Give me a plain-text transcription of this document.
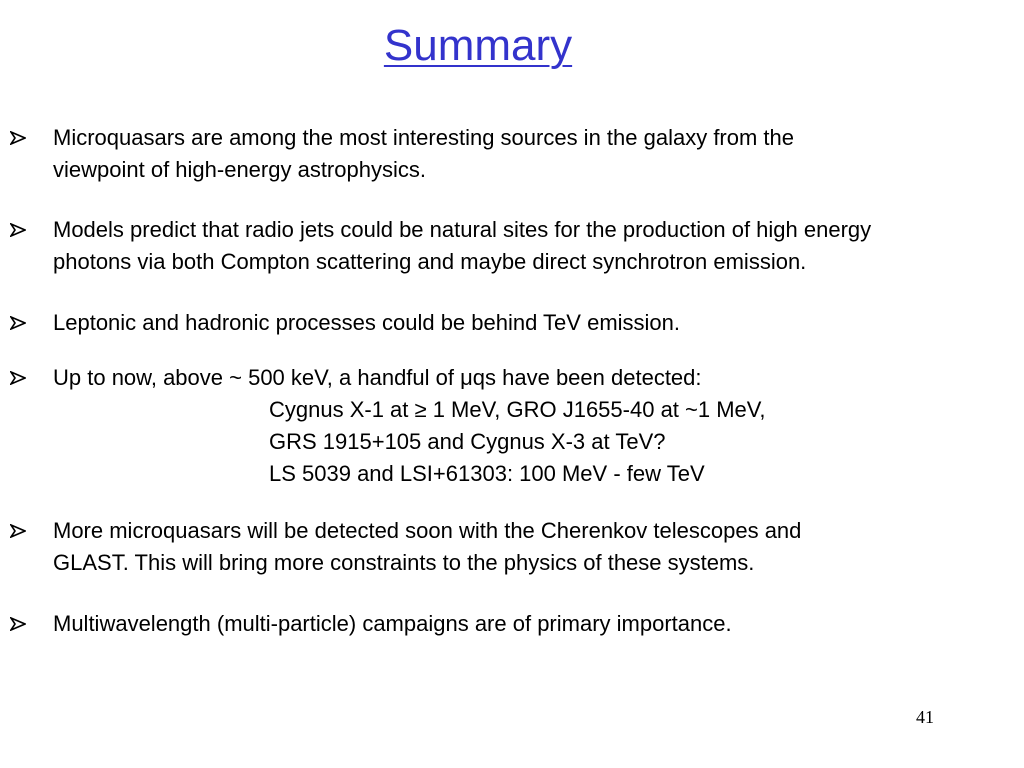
Summary
Microquasars are among the most interesting sources in the galaxy from the
viewpoint of high-energy astrophysics.
Models predict that radio jets could be natural sites for the production of high energy
photons via both Compton scattering and maybe direct synchrotron emission.
Leptonic and hadronic processes could be behind TeV emission.
Up to now, above ~ 500 keV, a handful of μqs have been detected:
Cygnus X-1 at ≥ 1 MeV, GRO J1655-40 at ~1 MeV,
GRS 1915+105 and Cygnus X-3 at TeV?
LS 5039 and LSI+61303: 100 MeV - few TeV
More microquasars will be detected soon with the Cherenkov telescopes and
GLAST. This will bring more constraints to the physics of these systems.
Multiwavelength (multi-particle) campaigns are of primary importance.
41
